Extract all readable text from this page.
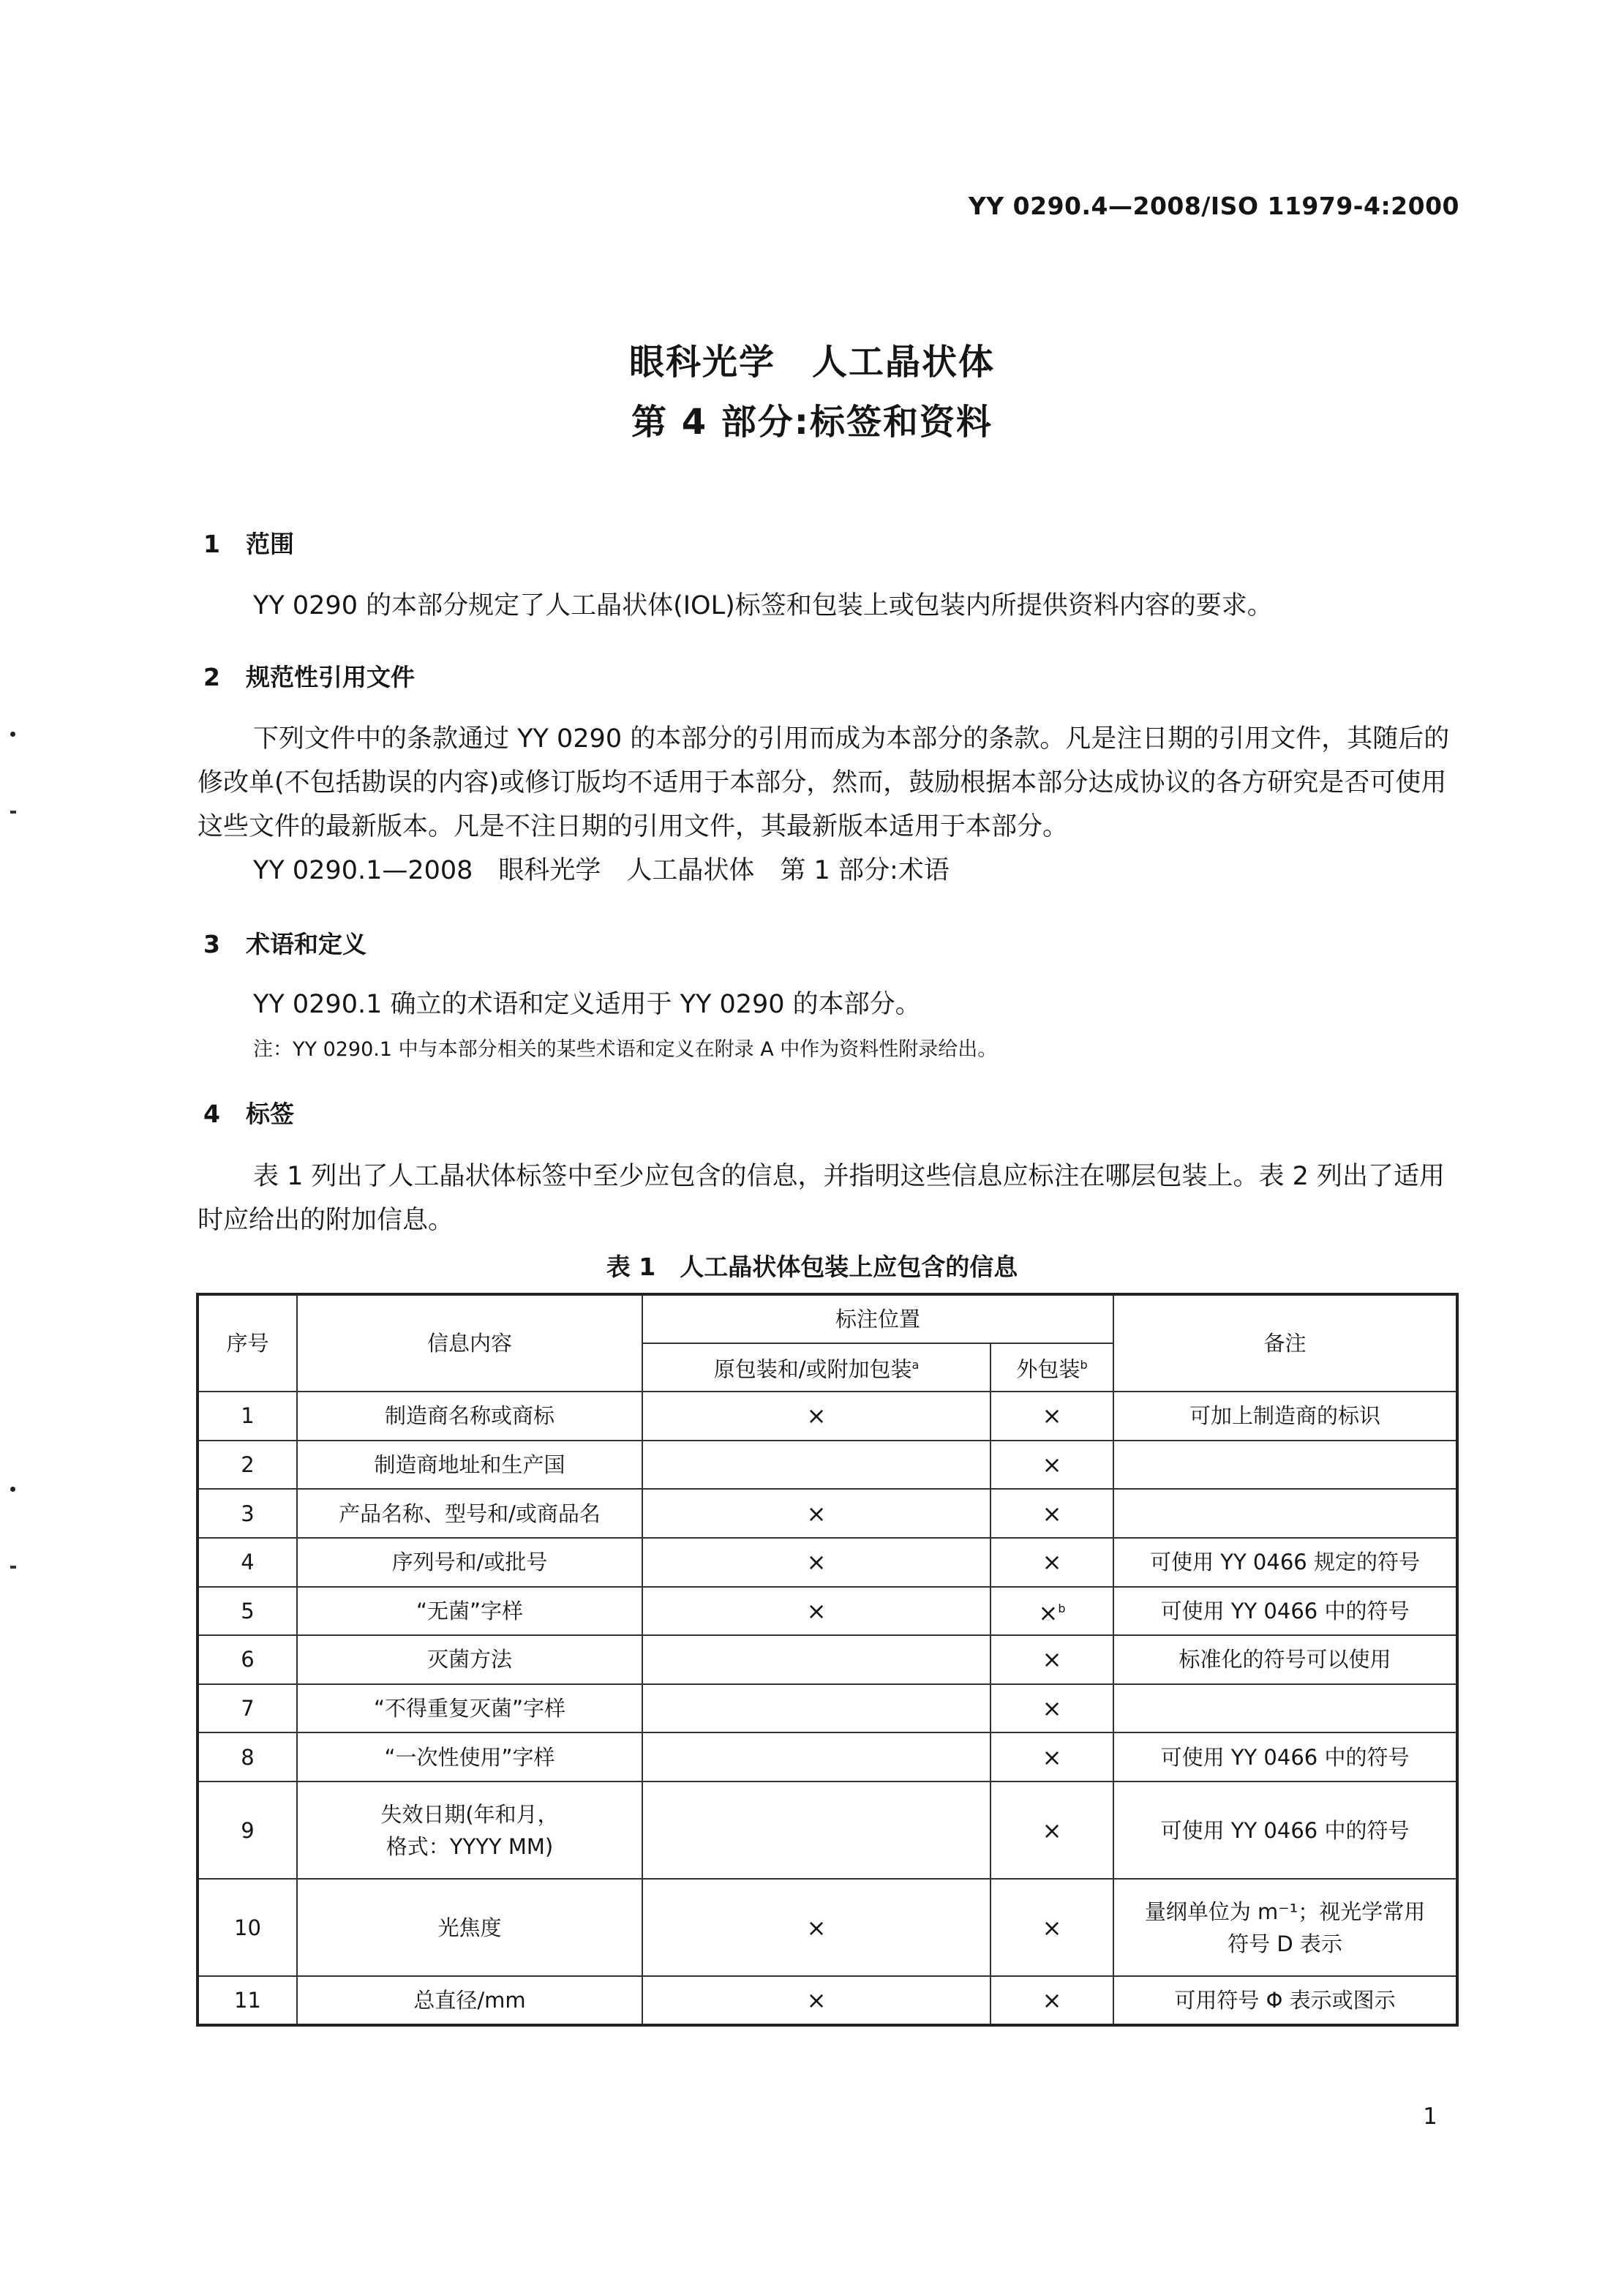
YY 0290.4—2008/ISO 11979-4:2000
眼科光学　人工晶状体
第 4 部分:标签和资料
1 范围

YY 0290 的本部分规定了人工晶状体(IOL)标签和包装上或包装内所提供资料内容的要求。

2 规范性引用文件

下列文件中的条款通过 YY 0290 的本部分的引用而成为本部分的条款。凡是注日期的引用文件，其随后的修改单(不包括勘误的内容)或修订版均不适用于本部分，然而，鼓励根据本部分达成协议的各方研究是否可使用这些文件的最新版本。凡是不注日期的引用文件，其最新版本适用于本部分。

YY 0290.1—2008　眼科光学　人工晶状体　第 1 部分:术语

3 术语和定义

YY 0290.1 确立的术语和定义适用于 YY 0290 的本部分。

注：YY 0290.1 中与本部分相关的某些术语和定义在附录 A 中作为资料性附录给出。
4 标签

表 1 列出了人工晶状体标签中至少应包含的信息，并指明这些信息应标注在哪层包装上。表 2 列出了适用时应给出的附加信息。

表 1　人工晶状体包装上应包含的信息
序号	信息内容	标注位置		备注
		原包装和/或附加包装$^a$	外包装$^b$
1	制造商名称或商标	×	×	可加上制造商的标识
2	制造商地址和生产国		×	
3	产品名称、型号和/或商品名	×	×	
4	序列号和/或批号	×	×	可使用 YY 0466 规定的符号
5	“无菌”字样	×	×$^b$	可使用 YY 0466 中的符号
6	灭菌方法		×	标准化的符号可以使用
7	“不得重复灭菌”字样		×	
8	“一次性使用”字样		×	可使用 YY 0466 中的符号
9	失效日期(年和月，
格式：YYYY MM)		×	可使用 YY 0466 中的符号
10	光焦度	×	×	量纲单位为 m⁻¹；视光学常用
符号 D 表示

11	总直径/mm	×	×	可用符号 Φ 表示或图示
1
